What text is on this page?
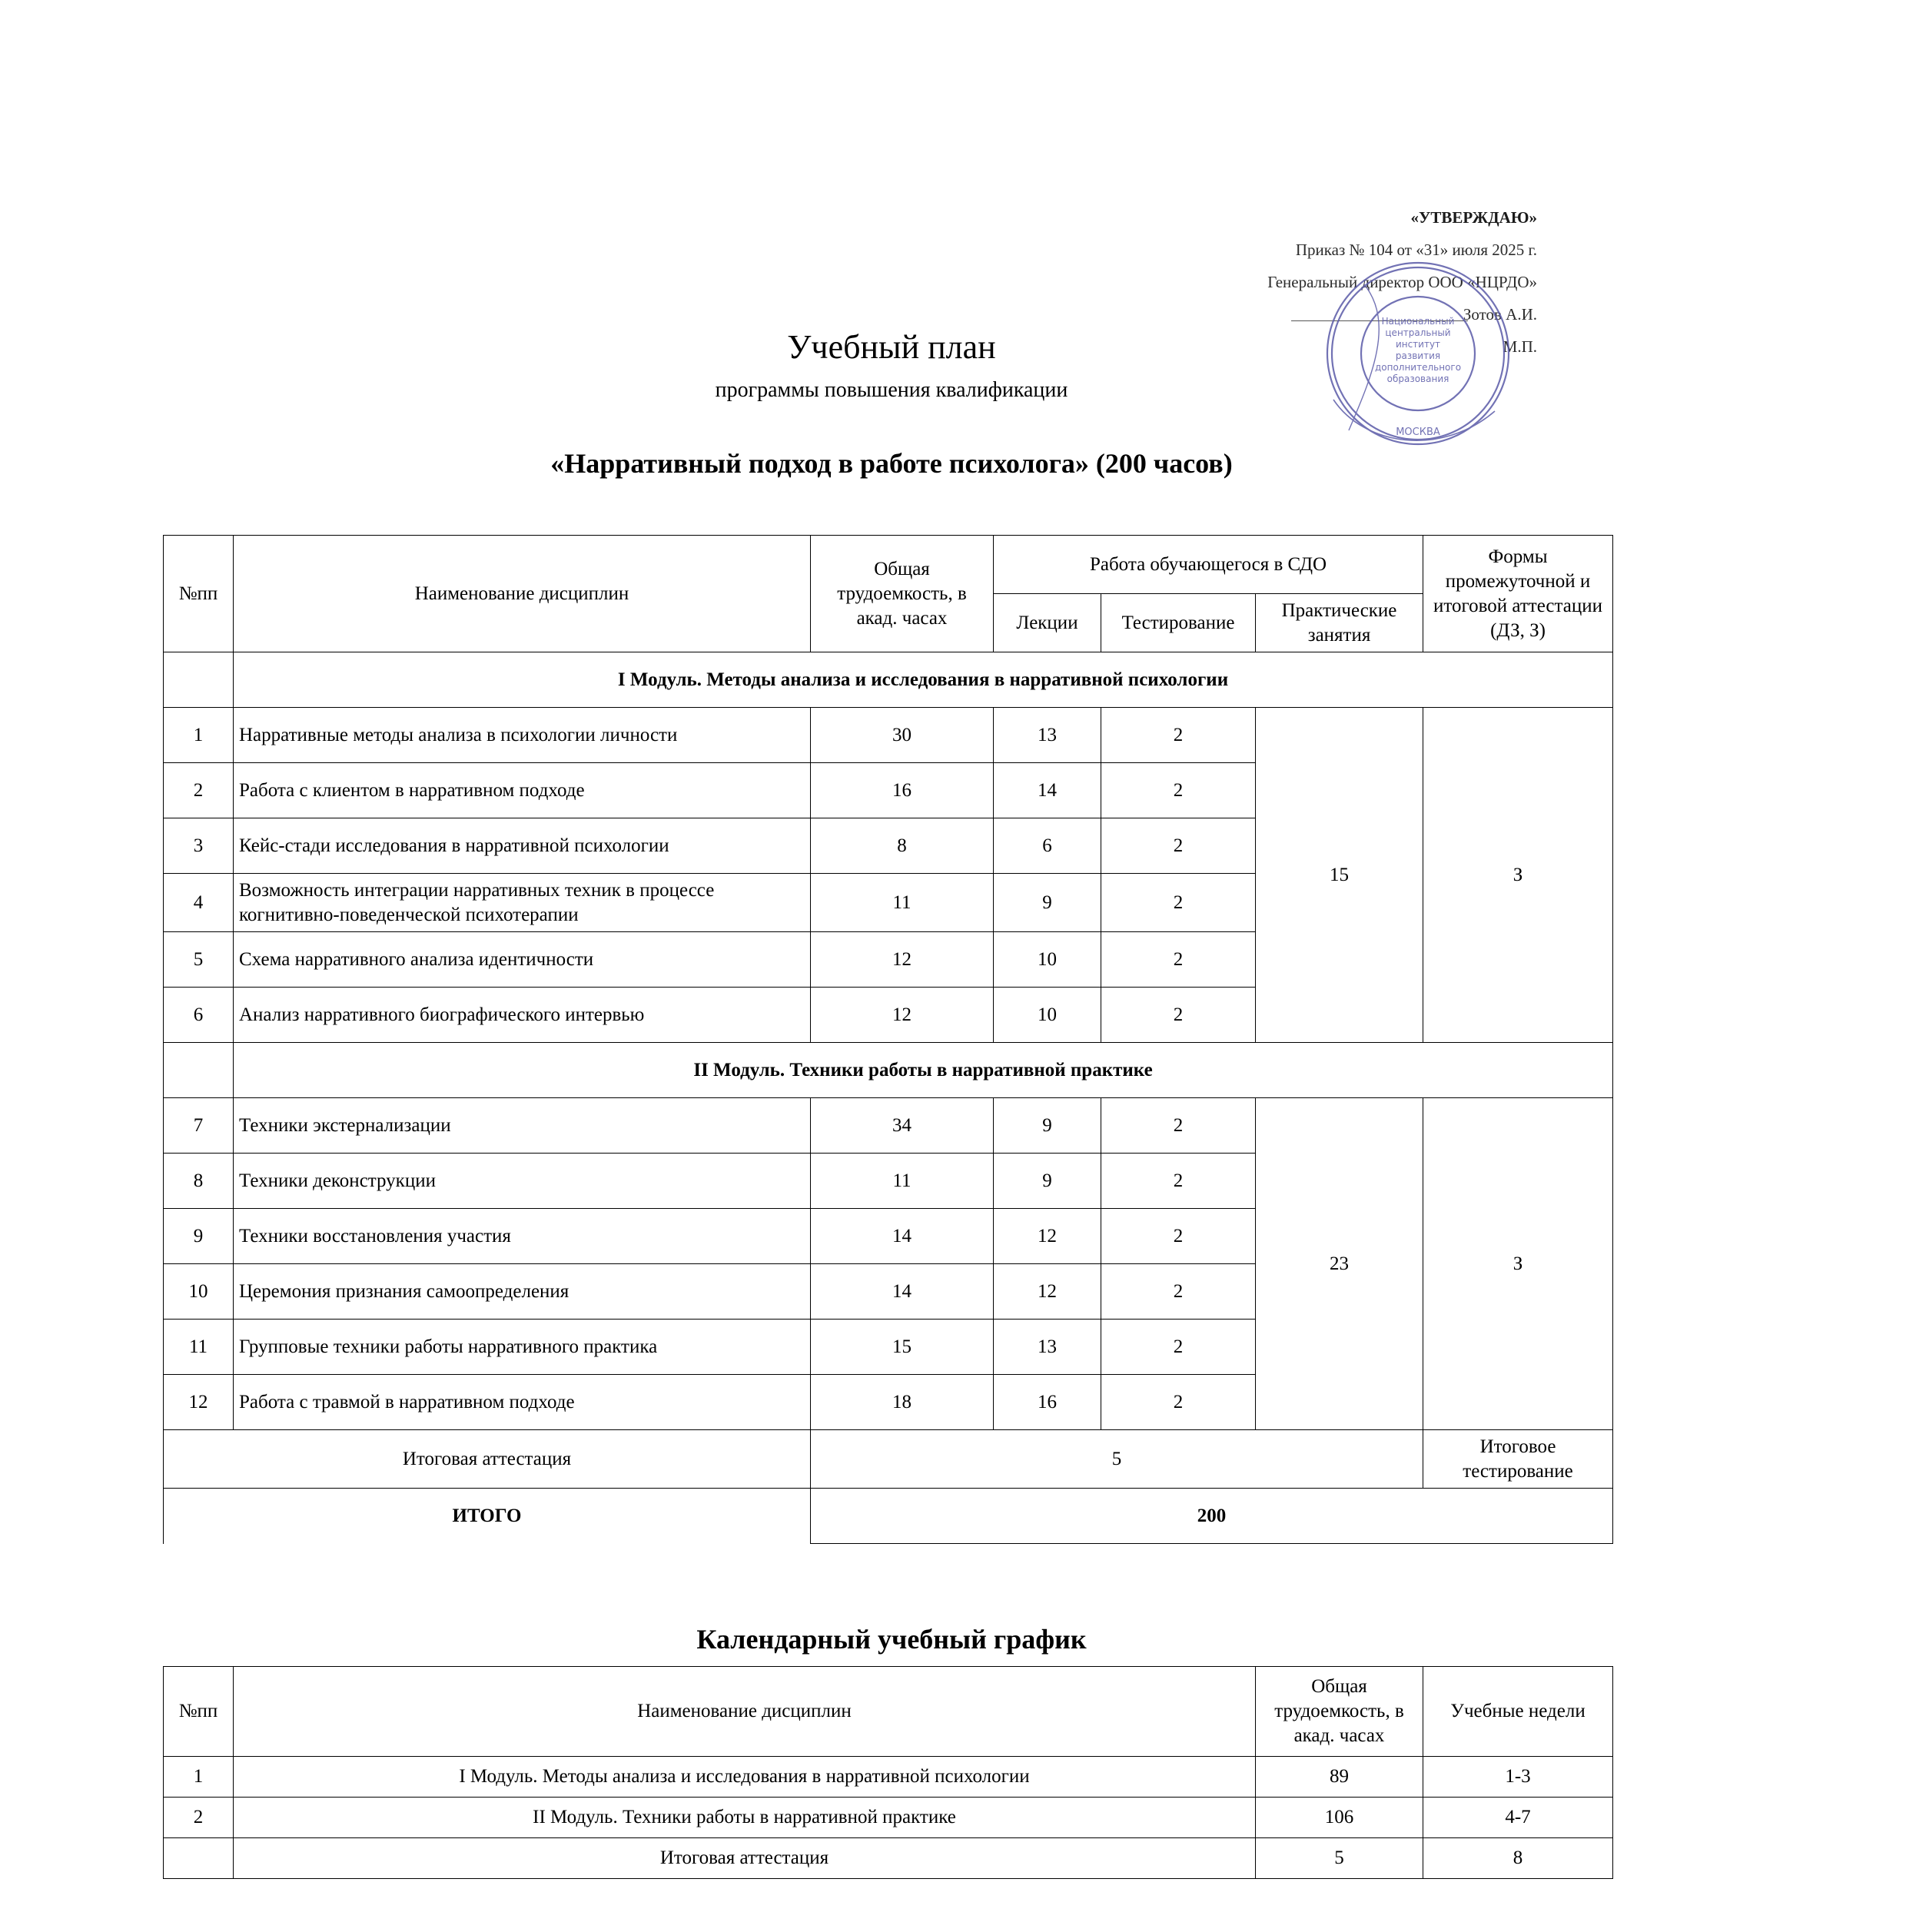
«УТВЕРЖДАЮ»
Приказ № 104 от «31» июля 2025 г.
Генеральный директор ООО «НЦРДО»
Зотов А.И.
М.П.
Национальный
центральный
институт
развития
дополнительного
образования
МОСКВА
Учебный план
программы повышения квалификации
«Нарративный подход в работе психолога» (200 часов)
№пп	Наименование дисциплин	Общая трудоемкость, в акад. часах	Работа обучающегося в СДО			Формы промежуточной и итоговой аттестации (ДЗ, З)
			Лекции	Тестирование	Практические занятия	
	I Модуль. Методы анализа и исследования в нарративной психологии					
1	Нарративные методы анализа в психологии личности	30	13	2	15	З
2	Работа с клиентом в нарративном подходе	16	14	2		
3	Кейс-стади исследования в нарративной психологии	8	6	2		
4	Возможность интеграции нарративных техник в процессе когнитивно-поведенческой психотерапии	11	9	2		
5	Схема нарративного анализа идентичности	12	10	2		
6	Анализ нарративного биографического интервью	12	10	2		
	II Модуль. Техники работы в нарративной практике					
7	Техники экстернализации	34	9	2	23	З
8	Техники деконструкции	11	9	2		
9	Техники восстановления участия	14	12	2		
10	Церемония признания самоопределения	14	12	2		
11	Групповые техники работы нарративного практика	15	13	2		
12	Работа с травмой в нарративном подходе	18	16	2		
Итоговая аттестация		5				Итоговое тестирование
ИТОГО		200				
Календарный учебный график
№пп	Наименование дисциплин	Общая трудоемкость, в акад. часах	Учебные недели
1	I Модуль. Методы анализа и исследования в нарративной психологии	89	1-3
2	II Модуль. Техники работы в нарративной практике	106	4-7
	Итоговая аттестация	5	8
